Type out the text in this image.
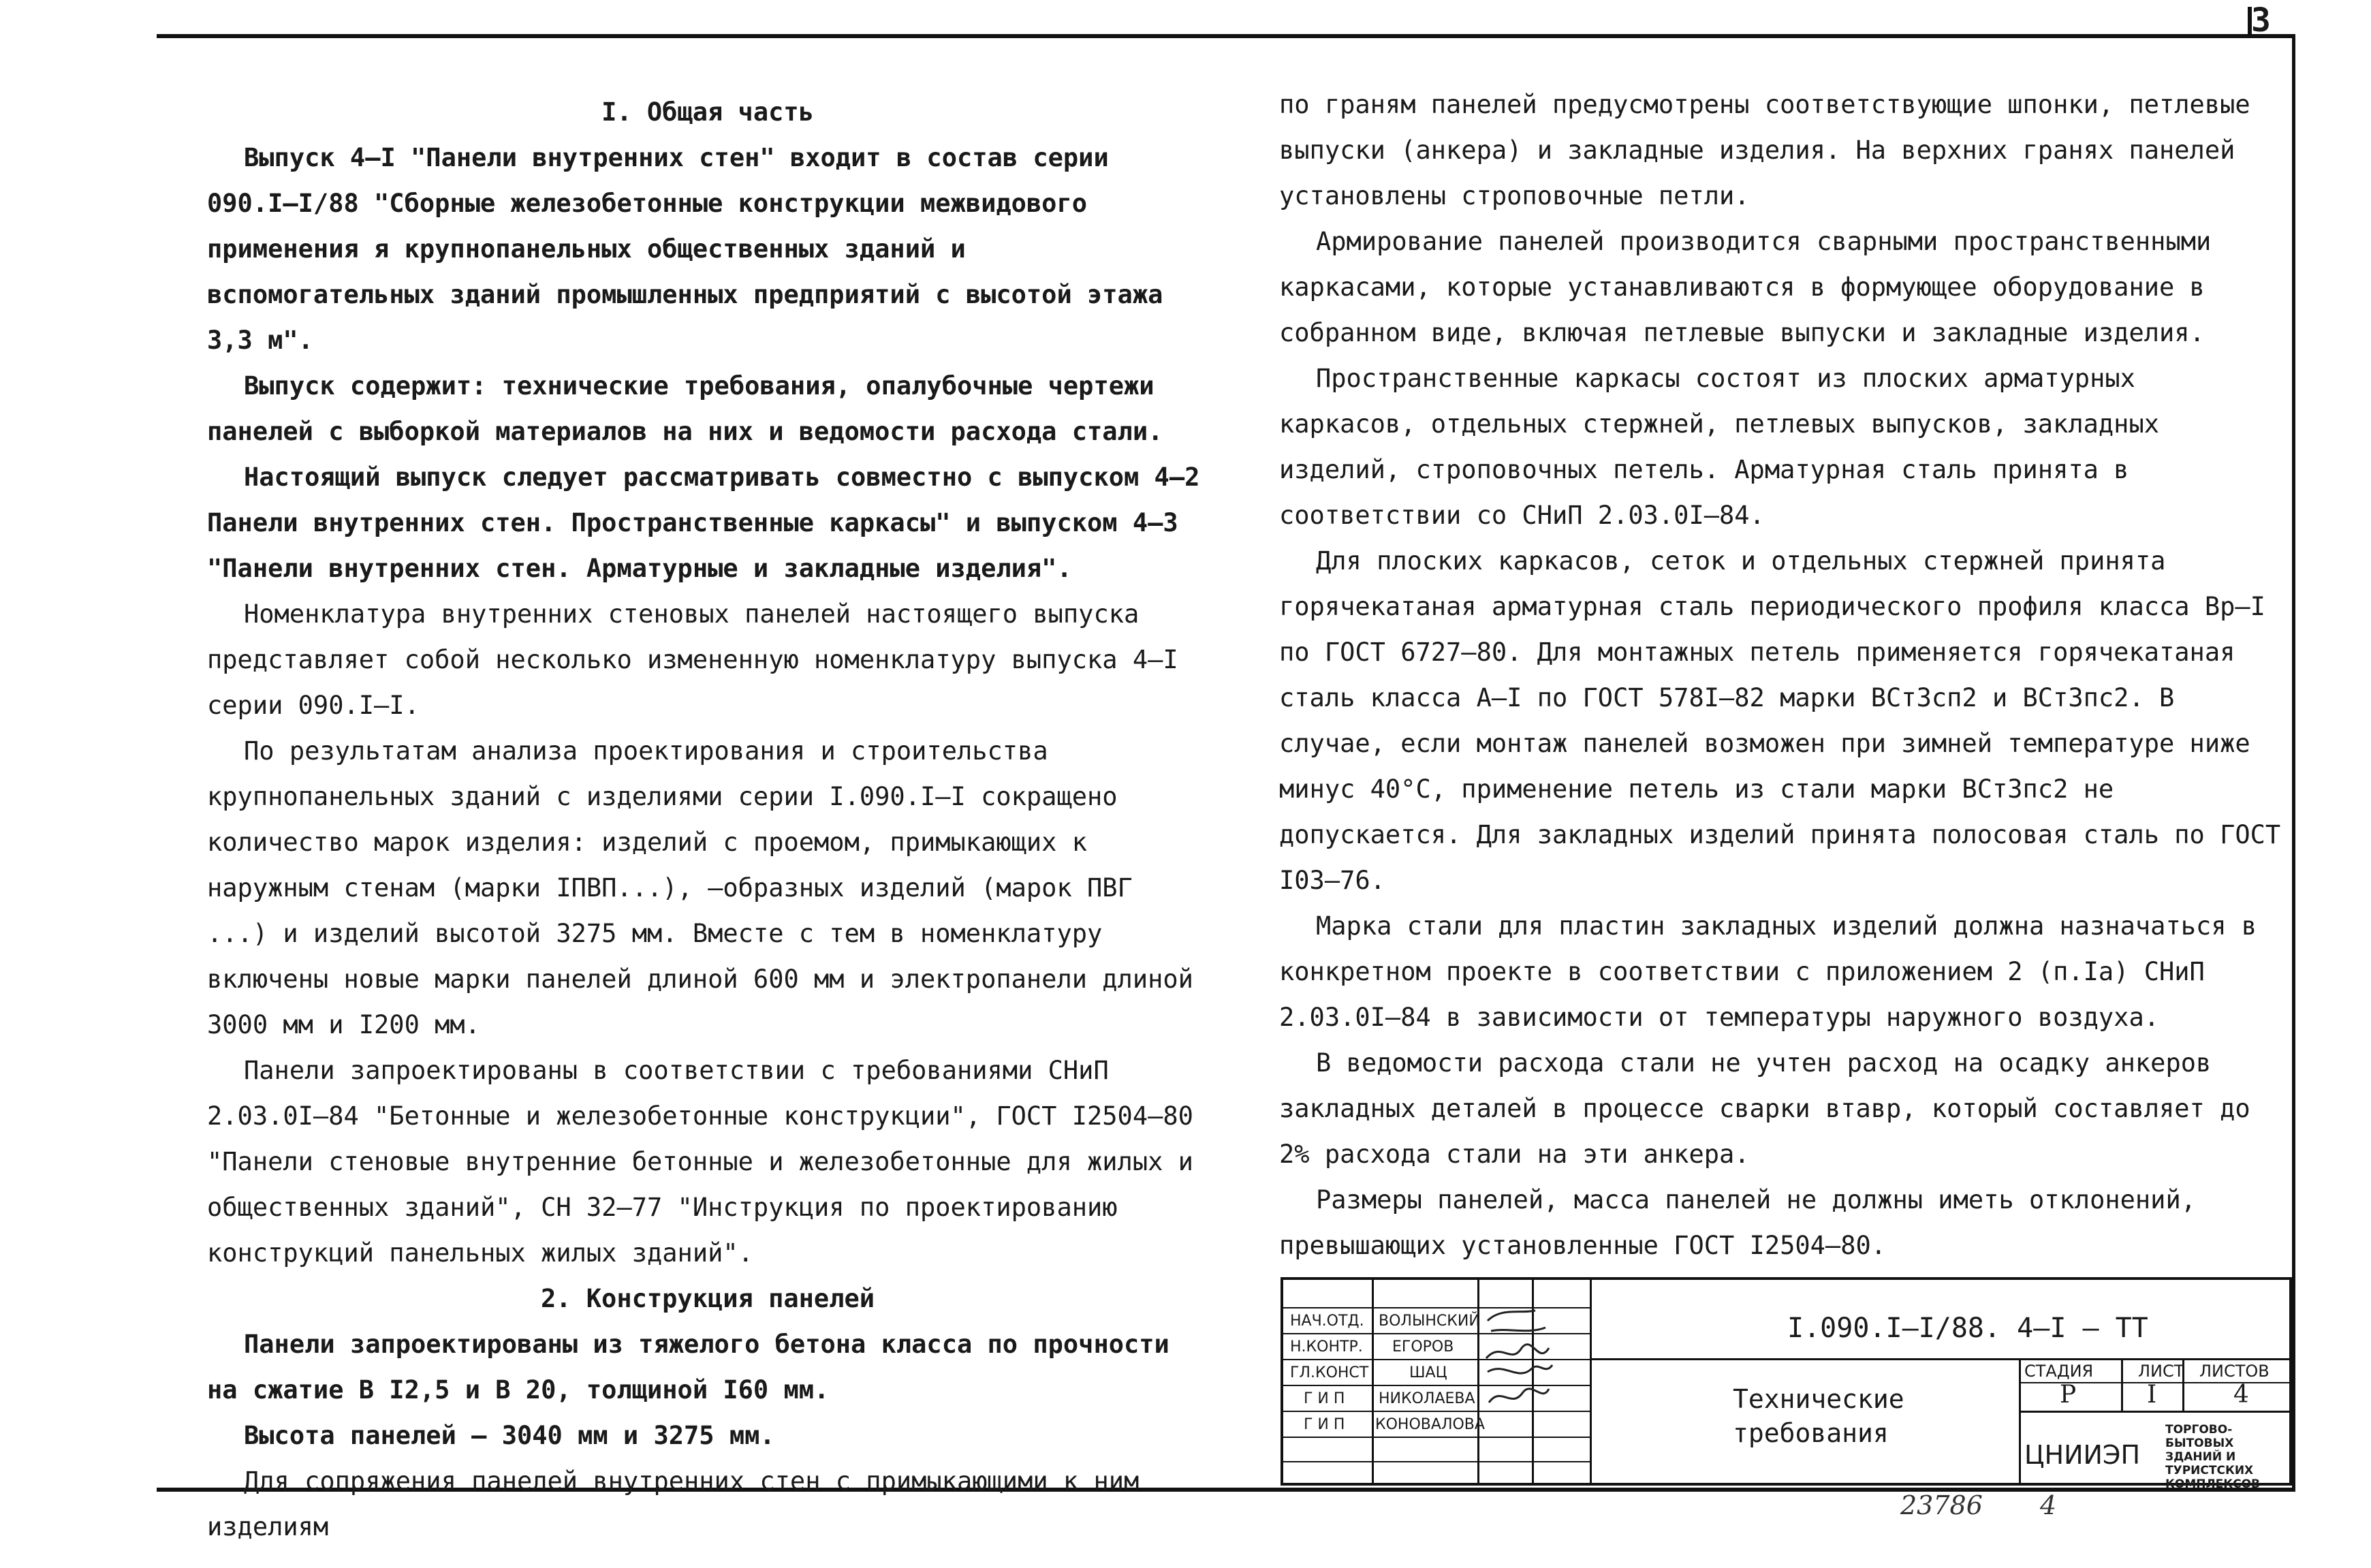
3

I. Общая часть

Выпуск 4–I "Панели внутренних стен" входит в состав серии 090.I–I/88 "Сборные железобетонные конструкции межвидового применения я крупнопанельных общественных зданий и вспомогательных зданий промышленных предприятий с высотой этажа 3,3 м".

Выпуск содержит: технические требования, опалубочные чертежи панелей с выборкой материалов на них и ведомости расхода стали.

Настоящий выпуск следует рассматривать совместно с выпуском 4–2 Панели внутренних стен. Пространственные каркасы" и выпуском 4–3 "Панели внутренних стен. Арматурные и закладные изделия".

Номенклатура внутренних стеновых панелей настоящего выпуска представляет собой несколько измененную номенклатуру выпуска 4–I серии 090.I–I.

По результатам анализа проектирования и строительства крупнопанельных зданий с изделиями серии I.090.I–I сокращено количество марок изделия: изделий с проемом, примыкающих к наружным стенам (марки IПВП...), –образных изделий (марок ПВГ ...) и изделий высотой 3275 мм. Вместе с тем в номенклатуру включены новые марки панелей длиной 600 мм и электропанели длиной 3000 мм и I200 мм.

Панели запроектированы в соответствии с требованиями СНиП 2.03.0I–84 "Бетонные и железобетонные конструкции", ГОСТ I2504–80 "Панели стеновые внутренние бетонные и железобетонные для жилых и общественных зданий", СН 32–77 "Инструкция по проектированию конструкций панельных жилых зданий".

2. Конструкция панелей

Панели запроектированы из тяжелого бетона класса по прочности на сжатие В I2,5 и В 20, толщиной I60 мм.

Высота панелей – 3040 мм и 3275 мм.

Для сопряжения панелей внутренних стен с примыкающими к ним изделиям

по граням панелей предусмотрены соответствующие шпонки, петлевые выпуски (анкера) и закладные изделия. На верхних гранях панелей установлены строповочные петли.

Армирование панелей производится сварными пространственными каркасами, которые устанавливаются в формующее оборудование в собранном виде, включая петлевые выпуски и закладные изделия.

Пространственные каркасы состоят из плоских арматурных каркасов, отдельных стержней, петлевых выпусков, закладных изделий, строповочных петель. Арматурная сталь принята в соответствии со СНиП 2.03.0I–84.

Для плоских каркасов, сеток и отдельных стержней принята горячекатаная арматурная сталь периодического профиля класса Вр–I по ГОСТ 6727–80. Для монтажных петель применяется горячекатаная сталь класса А–I по ГОСТ 578I–82 марки ВСт3сп2 и ВСт3пс2. В случае, если монтаж панелей возможен при зимней температуре ниже минус 40°С, применение петель из стали марки ВСт3пс2 не допускается. Для закладных изделий принята полосовая сталь по ГОСТ I03–76.

Марка стали для пластин закладных изделий должна назначаться в конкретном проекте в соответствии с приложением 2 (п.Iа) СНиП 2.03.0I–84 в зависимости от температуры наружного воздуха.

В ведомости расхода стали не учтен расход на осадку анкеров закладных деталей в процессе сварки втавр, который составляет до 2% расхода стали на эти анкера.

Размеры панелей, масса панелей не должны иметь отклонений, превышающих установленные ГОСТ I2504–80.

НАЧ.ОТД. ВОЛЫНСКИЙ
Н.КОНТР. ЕГОРОВ
ГЛ.КОНСТ	ШАЦ
Г И П НИКОЛАЕВА
Г И П КОНОВАЛОВА
I.090.I–I/88. 4–I – ТТ
Технические требования
СТАДИЯ	ЛИСТ ЛИСТОВ
Р	I	4
ЦНИИЭП
ТОРГОВО-БЫТОВЫХ ЗДАНИЙ И ТУРИСТСКИХ КОМПЛЕКСОВ
23786 4
